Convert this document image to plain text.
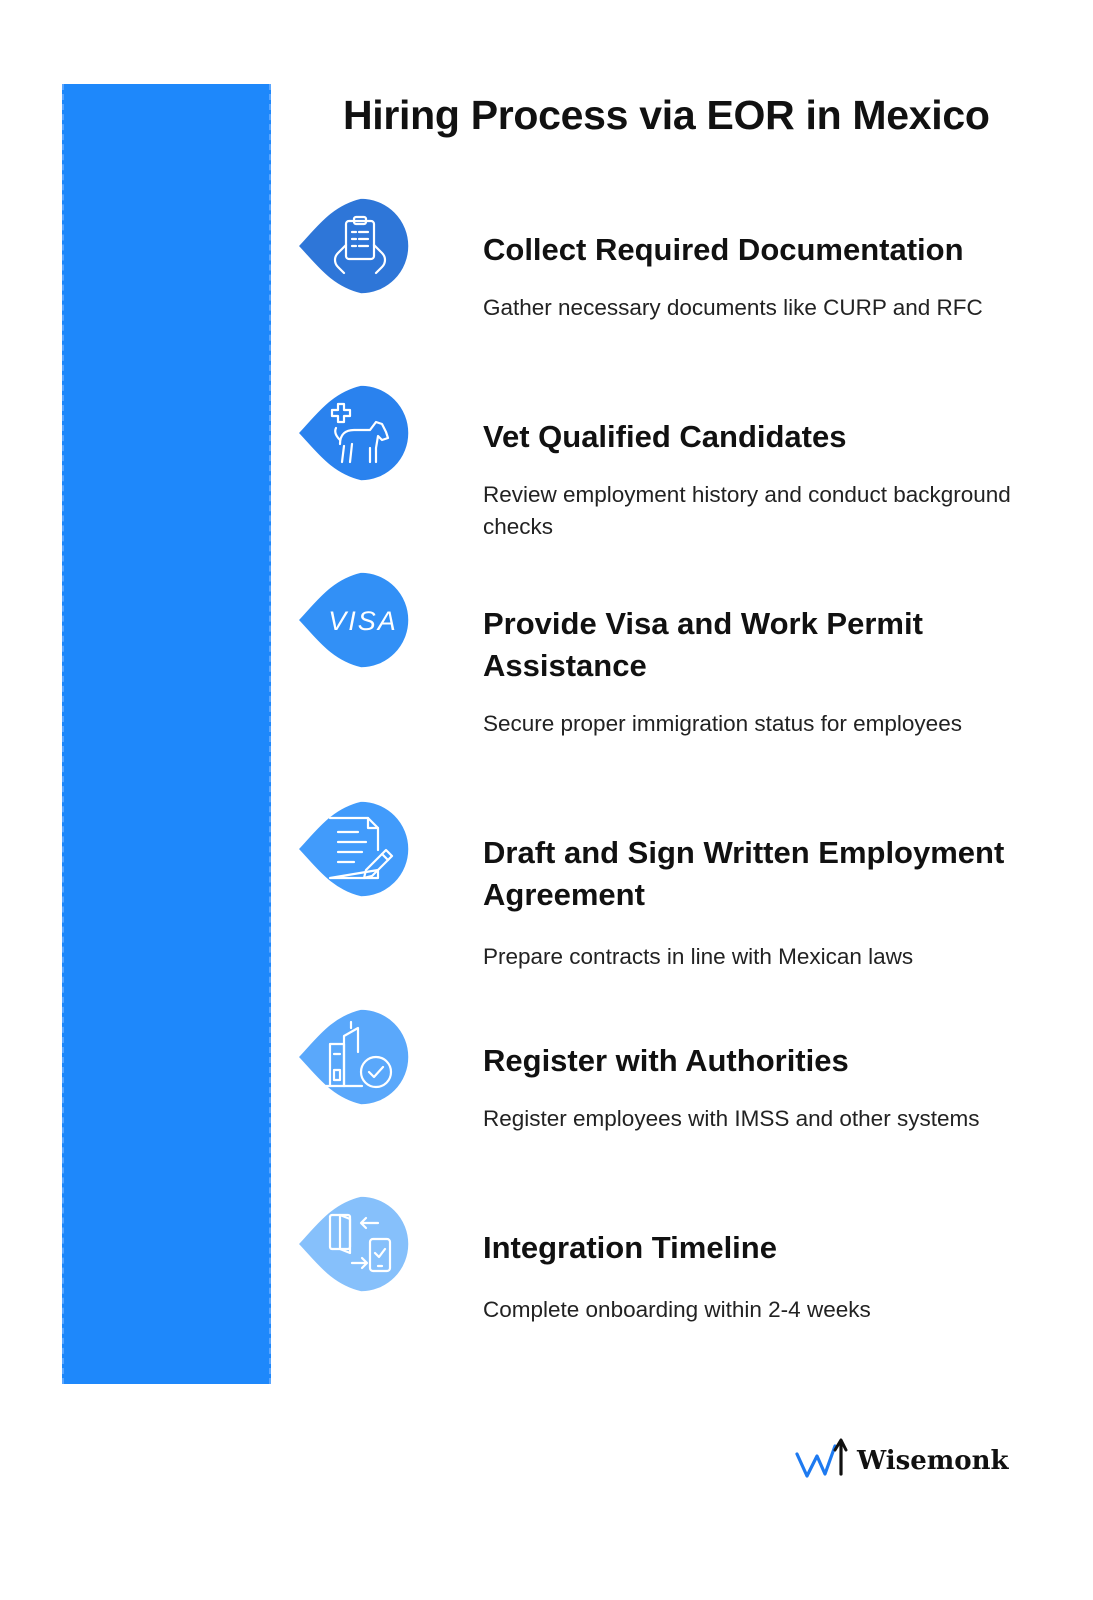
Hiring Process via EOR in Mexico
Collect Required Documentation
Gather necessary documents like CURP and RFC
Vet Qualified Candidates
Review employment history and conduct background checks
VISA	Provide Visa and Work Permit Assistance
Secure proper immigration status for employees
Draft and Sign Written Employment Agreement
Prepare contracts in line with Mexican laws
Register with Authorities
Register employees with IMSS and other systems
Integration Timeline
Complete onboarding within 2-4 weeks
Wisemonk
